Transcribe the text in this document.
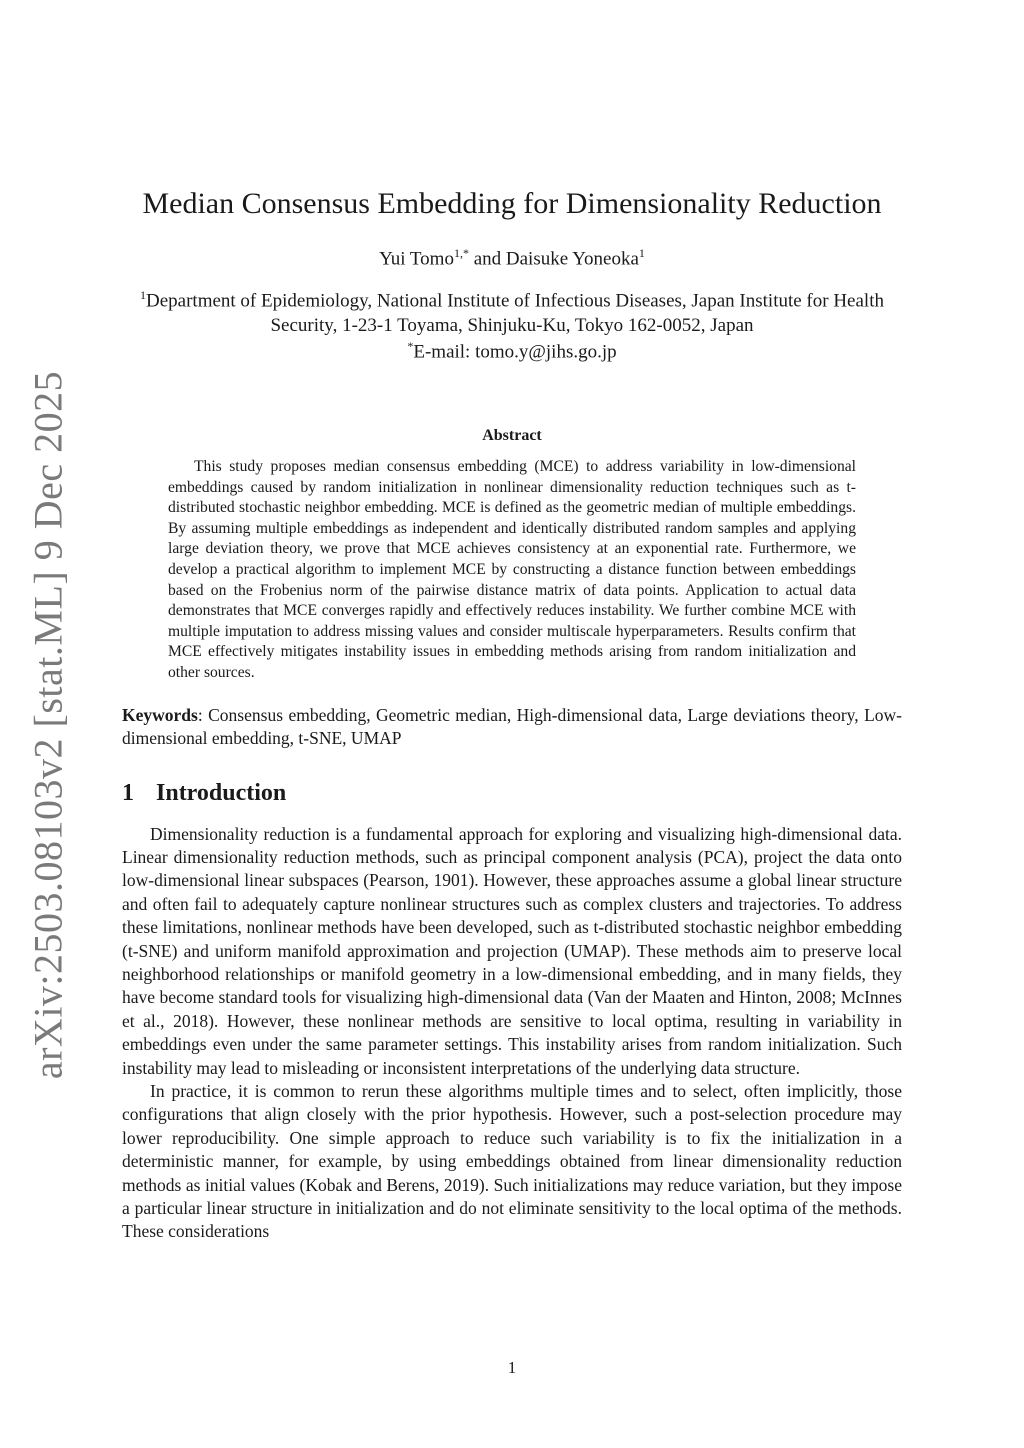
arXiv:2503.08103v2 [stat.ML] 9 Dec 2025
Median Consensus Embedding for Dimensionality Reduction
Yui Tomo$^{1,*}$ and Daisuke Yoneoka$^1$
$^1$Department of Epidemiology, National Institute of Infectious Diseases, Japan Institute for Health Security, 1-23-1 Toyama, Shinjuku-Ku, Tokyo 162-0052, Japan
*E-mail: tomo.y@jihs.go.jp
Abstract

This study proposes median consensus embedding (MCE) to address variability in low-dimensional embeddings caused by random initialization in nonlinear dimensionality reduction techniques such as t-distributed stochastic neighbor embedding. MCE is defined as the geometric median of multiple embeddings. By assuming multiple embeddings as independent and identically distributed random samples and applying large deviation theory, we prove that MCE achieves consistency at an exponential rate. Furthermore, we develop a practical algorithm to implement MCE by constructing a distance function between embeddings based on the Frobenius norm of the pairwise distance matrix of data points. Application to actual data demonstrates that MCE converges rapidly and effectively reduces instability. We further combine MCE with multiple imputation to address missing values and consider multiscale hyperparameters. Results confirm that MCE effectively mitigates instability issues in embedding methods arising from random initialization and other sources.

Keywords: Consensus embedding, Geometric median, High-dimensional data, Large deviations theory, Low-dimensional embedding, t-SNE, UMAP
1 Introduction

Dimensionality reduction is a fundamental approach for exploring and visualizing high-dimensional data. Linear dimensionality reduction methods, such as principal component analysis (PCA), project the data onto low-dimensional linear subspaces (Pearson, 1901). However, these approaches assume a global linear structure and often fail to adequately capture nonlinear structures such as complex clusters and trajectories. To address these limitations, nonlinear methods have been developed, such as t-distributed stochastic neighbor embedding (t-SNE) and uniform manifold approximation and projection (UMAP). These methods aim to preserve local neighborhood relationships or manifold geometry in a low-dimensional embedding, and in many fields, they have become standard tools for visualizing high-dimensional data (Van der Maaten and Hinton, 2008; McInnes et al., 2018). However, these nonlinear methods are sensitive to local optima, resulting in variability in embeddings even under the same parameter settings. This instability arises from random initialization. Such instability may lead to misleading or inconsistent interpretations of the underlying data structure.

In practice, it is common to rerun these algorithms multiple times and to select, often implicitly, those configurations that align closely with the prior hypothesis. However, such a post-selection procedure may lower reproducibility. One simple approach to reduce such variability is to fix the initialization in a deterministic manner, for example, by using embeddings obtained from linear dimensionality reduction methods as initial values (Kobak and Berens, 2019). Such initializations may reduce variation, but they impose a particular linear structure in initialization and do not eliminate sensitivity to the local optima of the methods. These considerations

1
